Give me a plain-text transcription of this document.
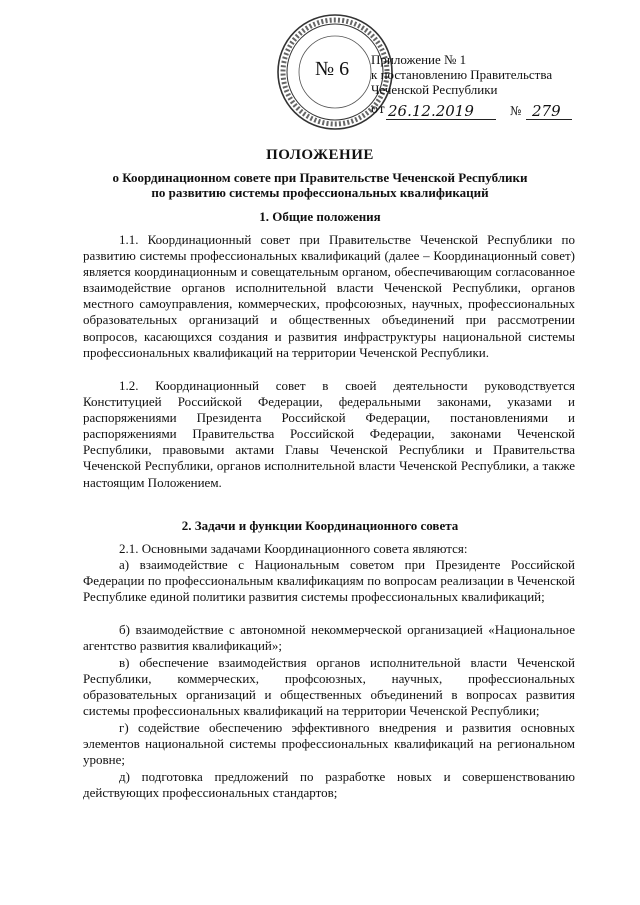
№ 6 Приложение № 1
к постановлению Правительства
Чеченской Республики
от 26.12.2019	№ 279
ПОЛОЖЕНИЕ
о Координационном совете при Правительстве Чеченской Республики
по развитию системы профессиональных квалификаций
1. Общие положения
1.1. Координационный совет при Правительстве Чеченской Республики по развитию системы профессиональных квалификаций (далее – Координационный совет) является координационным и совещательным органом, обеспечивающим согласованное взаимодействие органов исполнительной власти Чеченской Республики, органов местного самоуправления, коммерческих, профсоюзных, научных, профессиональных образовательных организаций и общественных объединений при рассмотрении вопросов, касающихся создания и развития инфраструктуры национальной системы профессиональных квалификаций на территории Чеченской Республики.
1.2. Координационный совет в своей деятельности руководствуется Конституцией Российской Федерации, федеральными законами, указами и распоряжениями Президента Российской Федерации, постановлениями и распоряжениями Правительства Российской Федерации, законами Чеченской Республики, правовыми актами Главы Чеченской Республики и Правительства Чеченской Республики, органов исполнительной власти Чеченской Республики, а также настоящим Положением.
2. Задачи и функции Координационного совета
2.1. Основными задачами Координационного совета являются:
а) взаимодействие с Национальным советом при Президенте Российской Федерации по профессиональным квалификациям по вопросам реализации в Чеченской Республике единой политики развития системы профессиональных квалификаций;
б) взаимодействие с автономной некоммерческой организацией «Национальное агентство развития квалификаций»;
в) обеспечение взаимодействия органов исполнительной власти Чеченской Республики, коммерческих, профсоюзных, научных, профессиональных образовательных организаций и общественных объединений в вопросах развития системы профессиональных квалификаций на территории Чеченской Республики;
г) содействие обеспечению эффективного внедрения и развития основных элементов национальной системы профессиональных квалификаций на региональном уровне;
д) подготовка предложений по разработке новых и совершенствованию действующих профессиональных стандартов;
